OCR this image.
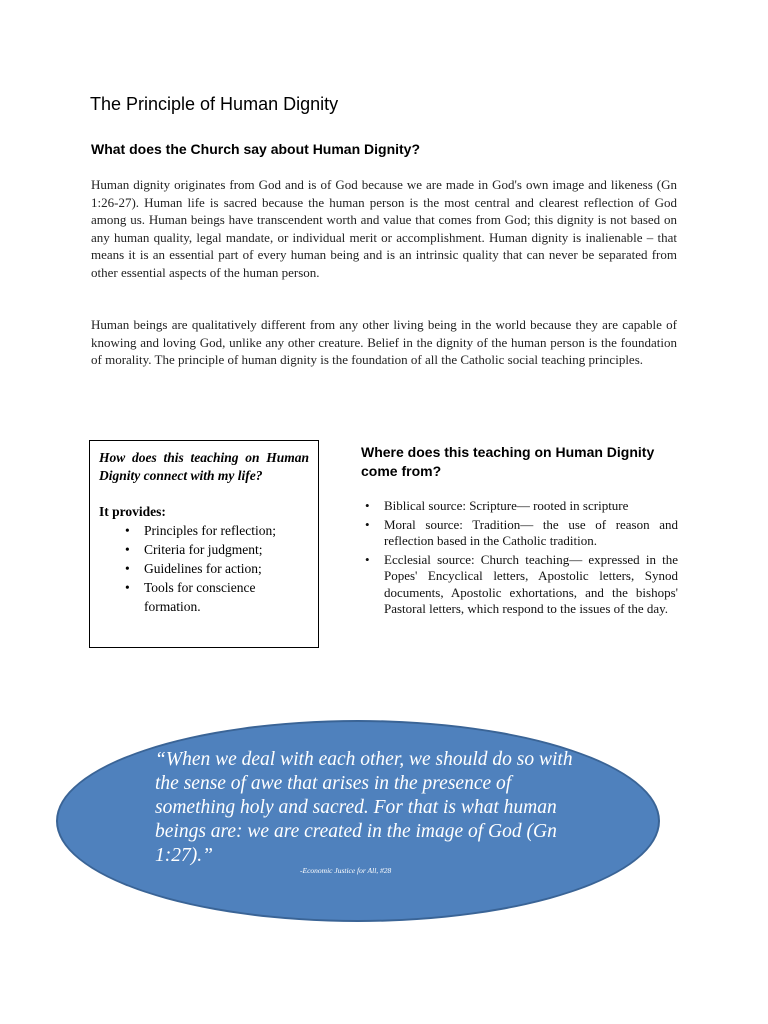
The Principle of Human Dignity
What does the Church say about Human Dignity?

Human dignity originates from God and is of God because we are made in God's own image and likeness (Gn 1:26-27). Human life is sacred because the human person is the most central and clearest reflection of God among us. Human beings have transcendent worth and value that comes from God; this dignity is not based on any human quality, legal mandate, or individual merit or accomplishment. Human dignity is inalienable – that means it is an essential part of every human being and is an intrinsic quality that can never be separated from other essential aspects of the human person.

Human beings are qualitatively different from any other living being in the world because they are capable of knowing and loving God, unlike any other creature. Belief in the dignity of the human person is the foundation of morality. The principle of human dignity is the foundation of all the Catholic social teaching principles.

How does this teaching on Human Dignity connect with my life?

It provides:

• Principles for reflection;
• Criteria for judgment;
• Guidelines for action;
• Tools for conscience formation.
Where does this teaching on Human Dignity come from?
• Biblical source: Scripture— rooted in scripture
• Moral source: Tradition— the use of reason and reflection based in the Catholic tradition.
• Ecclesial source: Church teaching— expressed in the Popes' Encyclical letters, Apostolic letters, Synod documents, Apostolic exhortations, and the bishops' Pastoral letters, which respond to the issues of the day.

“When we deal with each other, we should do so with the sense of awe that arises in the presence of something holy and sacred. For that is what human beings are: we are created in the image of God (Gn 1:27).”

-Economic Justice for All, #28
